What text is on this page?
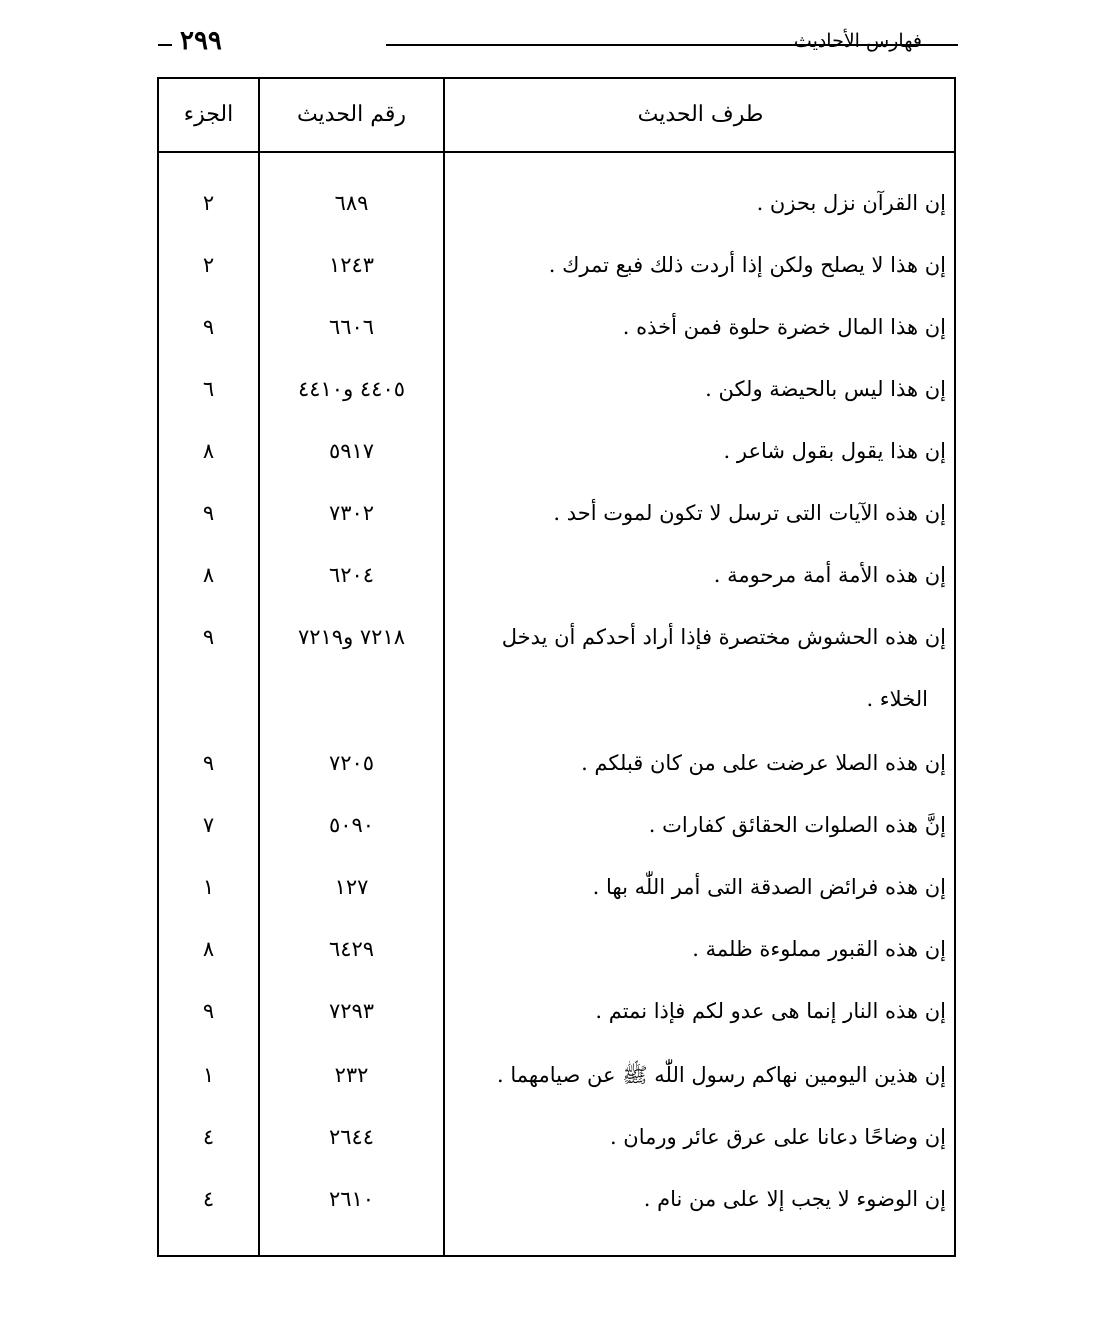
٢٩٩	فهارس الأحاديث
طرف الحديث
رقم الحديث
الجزء
إن القرآن نزل بحزن .
٦٨٩
٢
إن هذا لا يصلح ولكن إذا أردت ذلك فبع تمرك .
١٢٤٣
٢
إن هذا المال خضرة حلوة فمن أخذه .
٦٦٠٦
٩
إن هذا ليس بالحيضة ولكن .
٤٤٠٥ و٤٤١٠
٦
إن هذا يقول بقول شاعر .
٥٩١٧
٨
إن هذه الآيات التى ترسل لا تكون لموت أحد .
٧٣٠٢
٩
إن هذه الأمة أمة مرحومة .
٦٢٠٤
٨
إن هذه الحشوش مختصرة فإذا أراد أحدكم أن يدخل
٧٢١٨ و٧٢١٩
٩
الخلاء .
إن هذه الصلا عرضت على من كان قبلكم .
٧٢٠٥
٩
إنَّ هذه الصلوات الحقائق كفارات .
٥٠٩٠
٧
إن هذه فرائض الصدقة التى أمر اللّٰه بها .
١٢٧
١
إن هذه القبور مملوءة ظلمة .
٦٤٢٩
٨
إن هذه النار إنما هى عدو لكم فإذا نمتم .
٧٢٩٣
٩
إن هذين اليومين نهاكم رسول اللّٰه ﷺ عن صيامهما .
٢٣٢
١
إن وضاحًا دعانا على عرق عائر ورمان .
٢٦٤٤
٤
إن الوضوء لا يجب إلا على من نام .
٢٦١٠
٤
